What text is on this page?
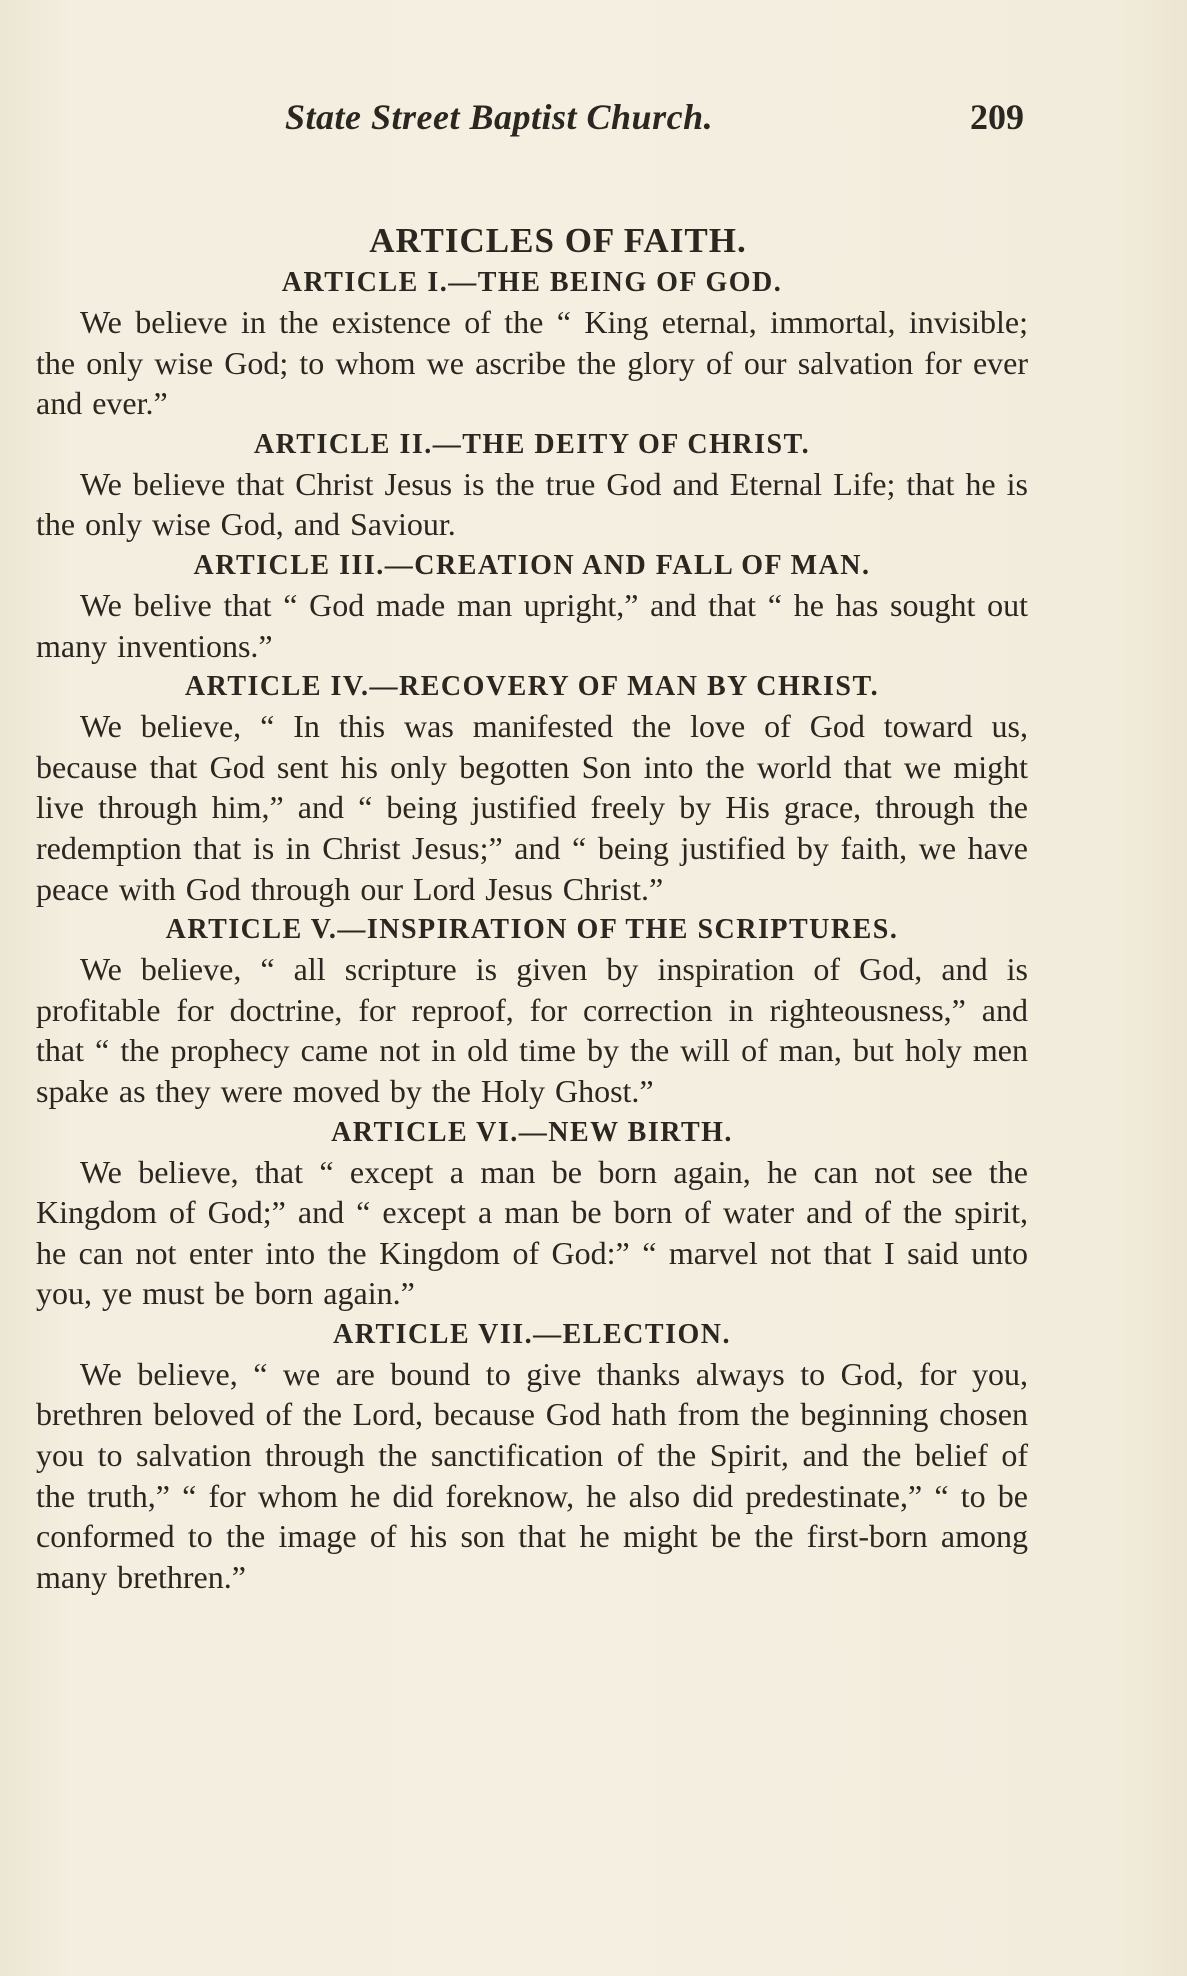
State Street Baptist Church.	209
ARTICLES OF FAITH.
ARTICLE I.—THE BEING OF GOD.

We believe in the existence of the “ King eternal, immortal, invisible; the only wise God; to whom we ascribe the glory of our salvation for ever and ever.”

ARTICLE II.—THE DEITY OF CHRIST.

We believe that Christ Jesus is the true God and Eternal Life; that he is the only wise God, and Saviour.

ARTICLE III.—CREATION AND FALL OF MAN.

We belive that “ God made man upright,” and that “ he has sought out many inventions.”

ARTICLE IV.—RECOVERY OF MAN BY CHRIST.

We believe, “ In this was manifested the love of God toward us, because that God sent his only begotten Son into the world that we might live through him,” and “ being justified freely by His grace, through the redemption that is in Christ Jesus;” and “ being justified by faith, we have peace with God through our Lord Jesus Christ.”

ARTICLE V.—INSPIRATION OF THE SCRIPTURES.

We believe, “ all scripture is given by inspiration of God, and is profitable for doctrine, for reproof, for correction in righteousness,” and that “ the prophecy came not in old time by the will of man, but holy men spake as they were moved by the Holy Ghost.”

ARTICLE VI.—NEW BIRTH.

We believe, that “ except a man be born again, he can not see the Kingdom of God;” and “ except a man be born of water and of the spirit, he can not enter into the Kingdom of God:” “ marvel not that I said unto you, ye must be born again.”

ARTICLE VII.—ELECTION.

We believe, “ we are bound to give thanks always to God, for you, brethren beloved of the Lord, because God hath from the beginning chosen you to salvation through the sanctification of the Spirit, and the belief of the truth,” “ for whom he did foreknow, he also did predestinate,” “ to be conformed to the image of his son that he might be the first-born among many brethren.”
